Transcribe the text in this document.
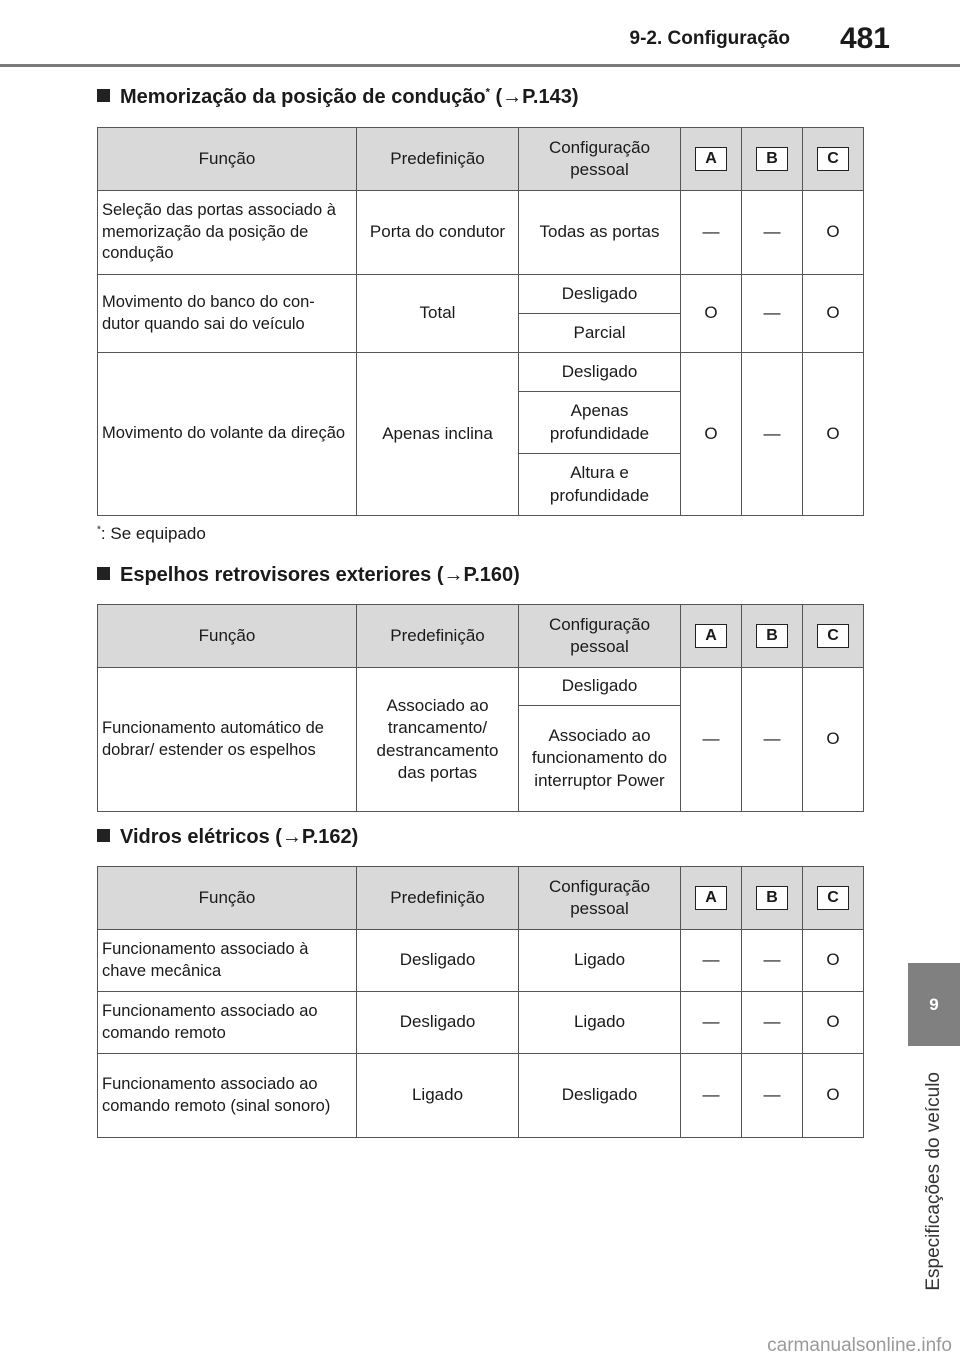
9-2. Configuração 481
9
Especificações do veículo
Memorização da posição de condução* (→P.143)
Função	Predefinição	Configuração pessoal	A	B	C
Seleção das portas associado à memorização da posição de condução	Porta do condutor	Todas as portas	—	—	O
Movimento do banco do con-dutor quando sai do veículo	Total	Desligado	O	—	O
		Parcial			
Movimento do volante da direção	Apenas inclina	Desligado	O	—	O
		Apenas profundidade			
		Altura e profundidade			
*: Se equipado
Espelhos retrovisores exteriores (→P.160)
Função	Predefinição	Configuração pessoal	A	B	C
Funcionamento automático de dobrar/ estender os espelhos	Associado ao trancamento/ destrancamento das portas	Desligado	—	—	O
		Associado ao funcionamento do interruptor Power			
Vidros elétricos (→P.162)
Função	Predefinição	Configuração pessoal	A	B	C
Funcionamento associado à chave mecânica	Desligado	Ligado	—	—	O
Funcionamento associado ao comando remoto	Desligado	Ligado	—	—	O
Funcionamento associado ao comando remoto (sinal sonoro)	Ligado	Desligado	—	—	O
carmanualsonline.info
